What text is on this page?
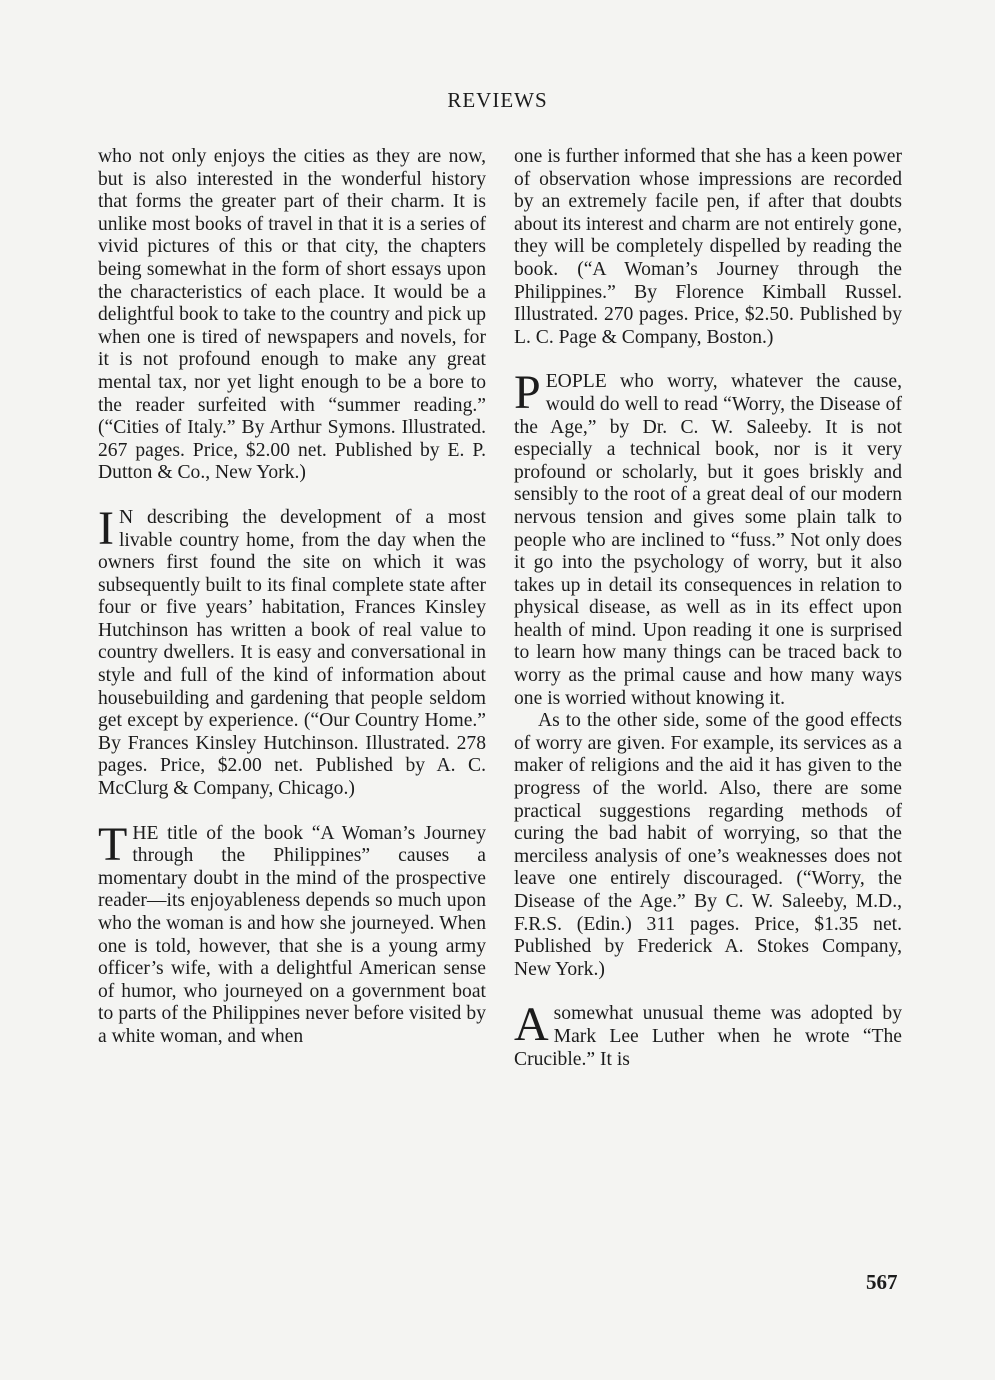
REVIEWS

who not only enjoys the cities as they are now, but is also interested in the wonderful history that forms the greater part of their charm. It is unlike most books of travel in that it is a series of vivid pictures of this or that city, the chapters being somewhat in the form of short essays upon the characteristics of each place. It would be a delightful book to take to the country and pick up when one is tired of newspapers and novels, for it is not profound enough to make any great mental tax, nor yet light enough to be a bore to the reader surfeited with “summer reading.” (“Cities of Italy.” By Arthur Symons. Illustrated. 267 pages. Price, $2.00 net. Published by E. P. Dutton & Co., New York.)

I N describing the development of a most livable country home, from the day when the owners first found the site on which it was subsequently built to its final complete state after four or five years’ habitation, Frances Kinsley Hutchinson has written a book of real value to country dwellers. It is easy and conversational in style and full of the kind of information about housebuilding and gardening that people seldom get except by experience. (“Our Country Home.” By Frances Kinsley Hutchinson. Illustrated. 278 pages. Price, $2.00 net. Published by A. C. McClurg & Company, Chicago.)

THE title of the book “A Woman’s Journey through the Philippines” causes a momentary doubt in the mind of the prospective reader—its enjoyableness depends so much upon who the woman is and how she journeyed. When one is told, however, that she is a young army officer’s wife, with a delightful American sense of humor, who journeyed on a government boat to parts of the Philippines never before visited by a white woman, and when

one is further informed that she has a keen power of observation whose impressions are recorded by an extremely facile pen, if after that doubts about its interest and charm are not entirely gone, they will be completely dispelled by reading the book. (“A Woman’s Journey through the Philippines.” By Florence Kimball Russel. Illustrated. 270 pages. Price, $2.50. Published by L. C. Page & Company, Boston.)

PEOPLE who worry, whatever the cause, would do well to read “Worry, the Disease of the Age,” by Dr. C. W. Saleeby. It is not especially a technical book, nor is it very profound or scholarly, but it goes briskly and sensibly to the root of a great deal of our modern nervous tension and gives some plain talk to people who are inclined to “fuss.” Not only does it go into the psychology of worry, but it also takes up in detail its consequences in relation to physical disease, as well as in its effect upon health of mind. Upon reading it one is surprised to learn how many things can be traced back to worry as the primal cause and how many ways one is worried without knowing it.

As to the other side, some of the good effects of worry are given. For example, its services as a maker of religions and the aid it has given to the progress of the world. Also, there are some practical suggestions regarding methods of curing the bad habit of worrying, so that the merciless analysis of one’s weaknesses does not leave one entirely discouraged. (“Worry, the Disease of the Age.” By C. W. Saleeby, M.D., F.R.S. (Edin.) 311 pages. Price, $1.35 net. Published by Frederick A. Stokes Company, New York.)

A somewhat unusual theme was adopted by Mark Lee Luther when he wrote “The Crucible.” It is

567
